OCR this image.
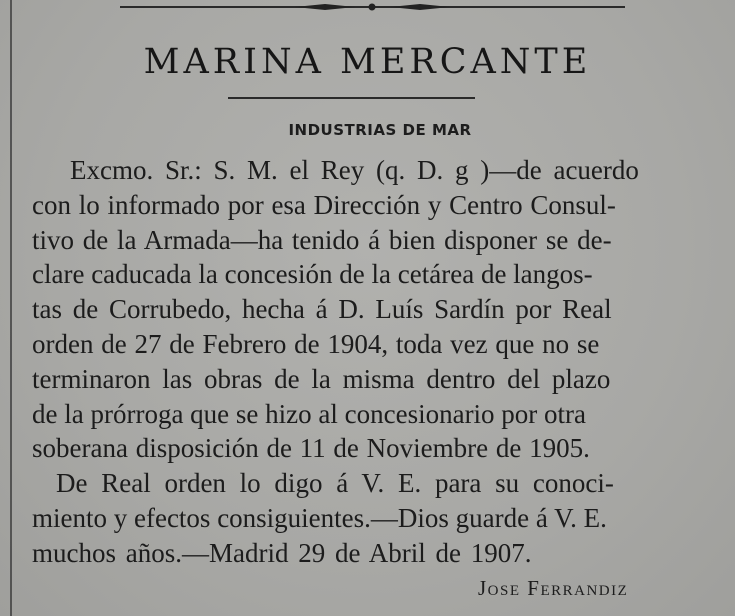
MARINA MERCANTE
INDUSTRIAS DE MAR
Excmo. Sr.: S. M. el Rey (q. D. g )—de acuerdo
con lo informado por esa Dirección y Centro Consul-
tivo de la Armada—ha tenido á bien disponer se de-
clare caducada la concesión de la cetárea de langos-
tas de Corrubedo, hecha á D. Luís Sardín por Real
orden de 27 de Febrero de 1904, toda vez que no se
terminaron las obras de la misma dentro del plazo
de la prórroga que se hizo al concesionario por otra
soberana disposición de 11 de Noviembre de 1905.
De Real orden lo digo á V. E. para su conoci-
miento y efectos consiguientes.—Dios guarde á V. E.
muchos años.—Madrid 29 de Abril de 1907.
Jose Ferrandiz
